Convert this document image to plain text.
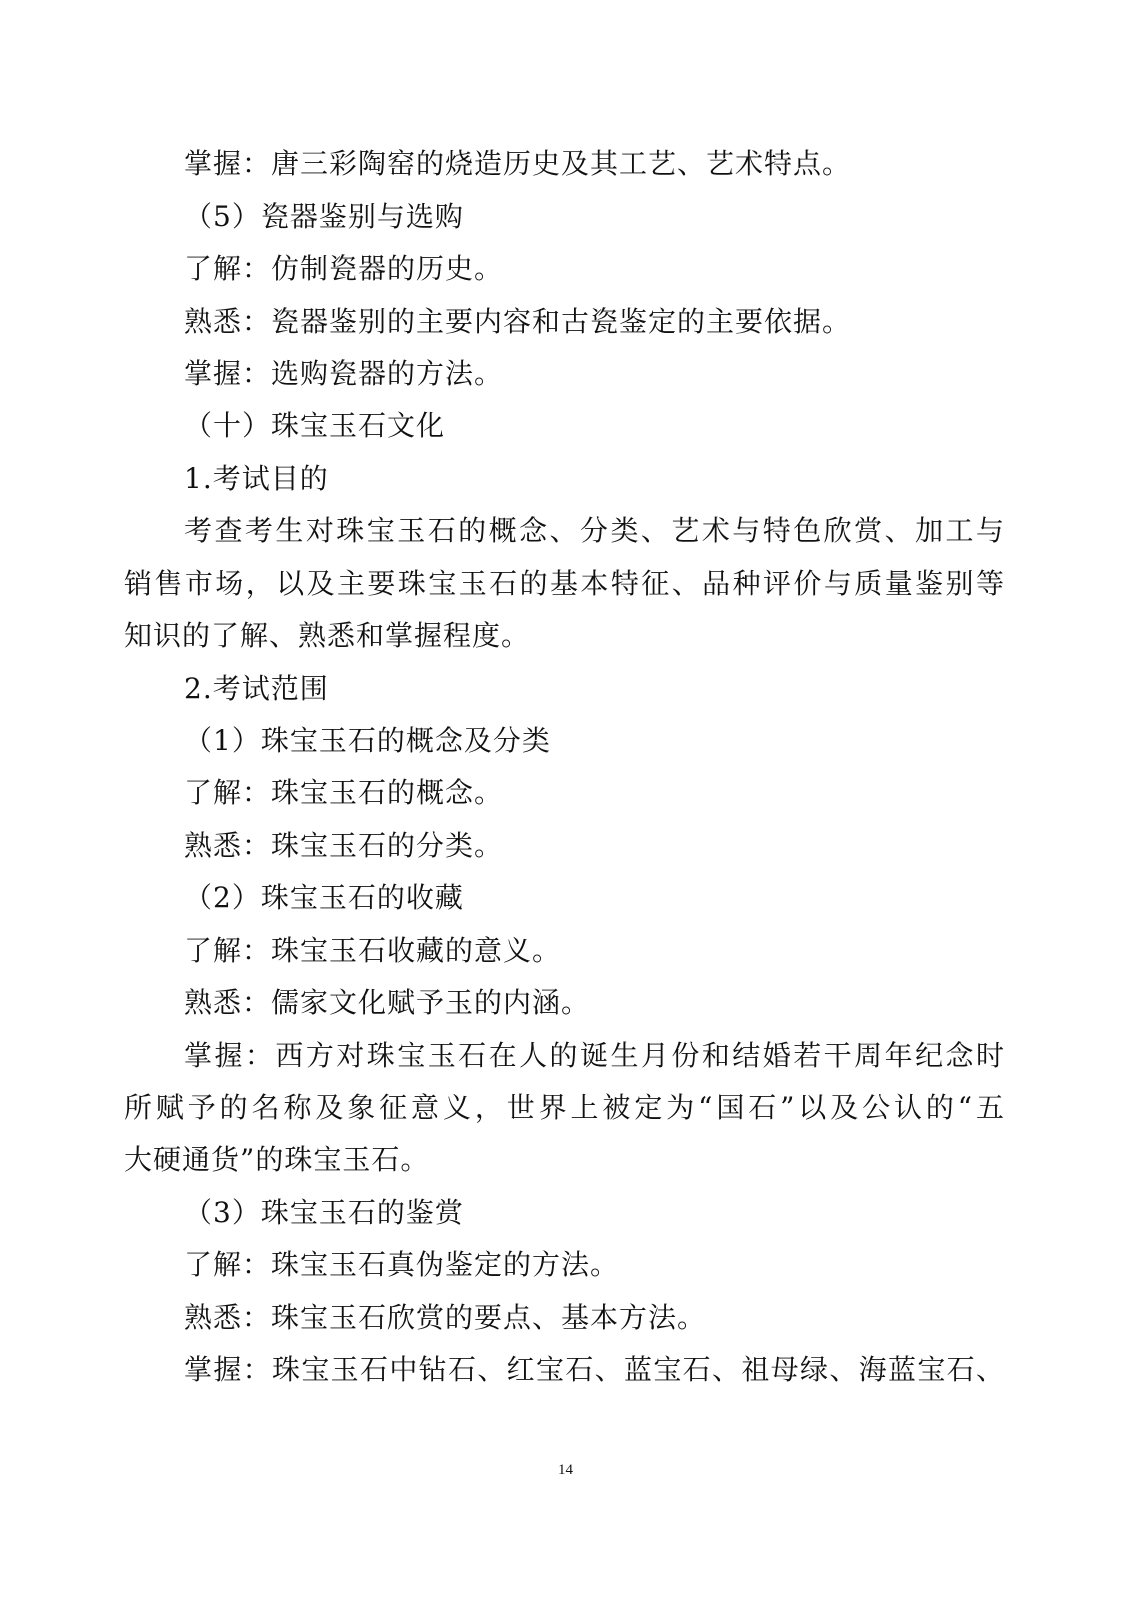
掌握：唐三彩陶窑的烧造历史及其工艺、艺术特点。
（5）瓷器鉴别与选购
了解：仿制瓷器的历史。
熟悉：瓷器鉴别的主要内容和古瓷鉴定的主要依据。
掌握：选购瓷器的方法。
（十）珠宝玉石文化
1.考试目的
考查考生对珠宝玉石的概念、分类、艺术与特色欣赏、加工与
销售市场，以及主要珠宝玉石的基本特征、品种评价与质量鉴别等
知识的了解、熟悉和掌握程度。
2.考试范围
（1）珠宝玉石的概念及分类
了解：珠宝玉石的概念。
熟悉：珠宝玉石的分类。
（2）珠宝玉石的收藏
了解：珠宝玉石收藏的意义。
熟悉：儒家文化赋予玉的内涵。
掌握：西方对珠宝玉石在人的诞生月份和结婚若干周年纪念时
所赋予的名称及象征意义，世界上被定为“国石”以及公认的“五
大硬通货”的珠宝玉石。
（3）珠宝玉石的鉴赏
了解：珠宝玉石真伪鉴定的方法。
熟悉：珠宝玉石欣赏的要点、基本方法。
掌握：珠宝玉石中钻石、红宝石、蓝宝石、祖母绿、海蓝宝石、
14
